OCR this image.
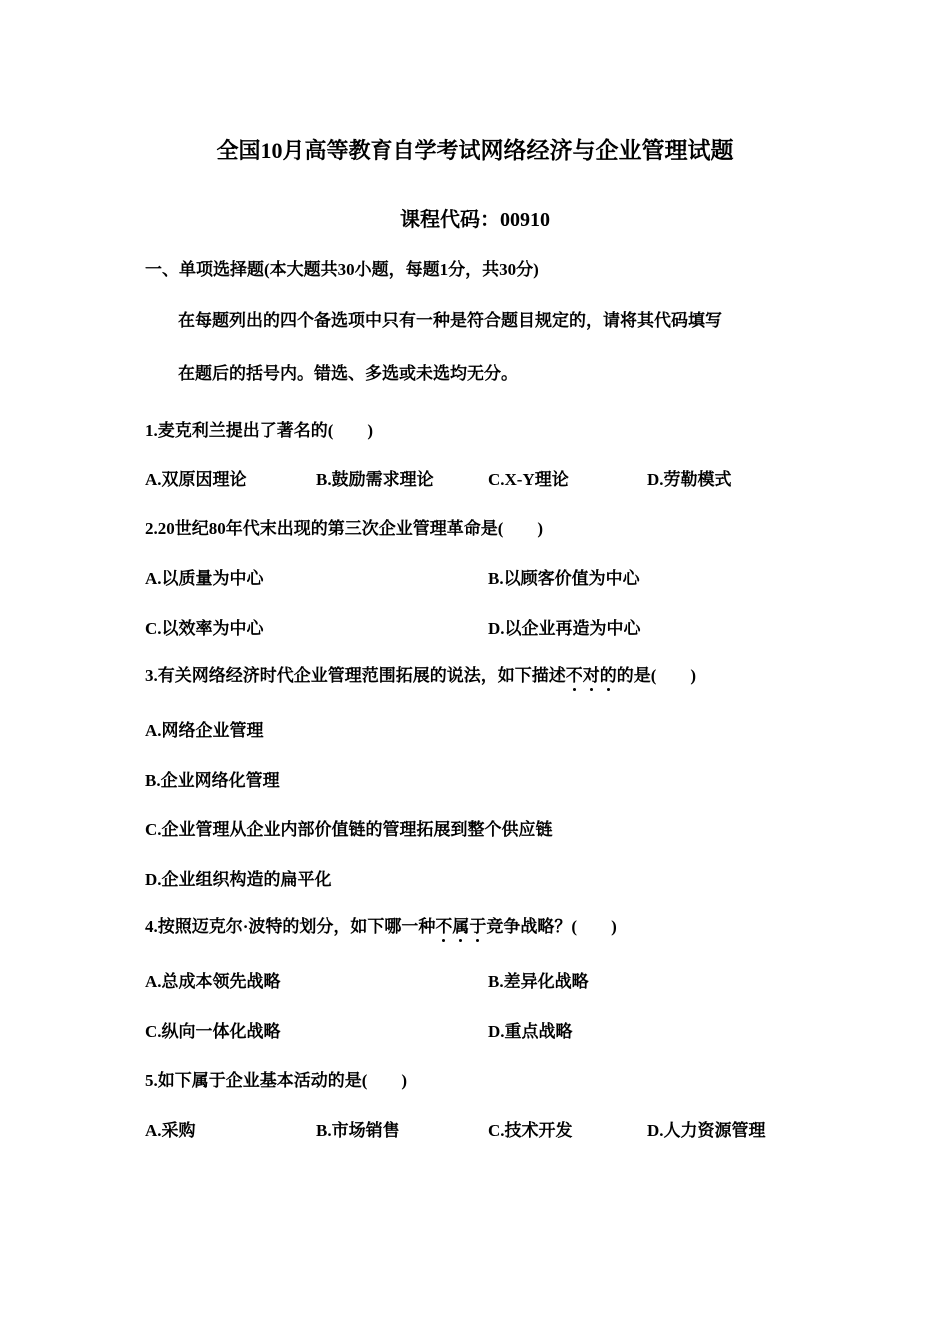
全国10月高等教育自学考试网络经济与企业管理试题
课程代码：00910
一、单项选择题(本大题共30小题，每题1分，共30分)
在每题列出的四个备选项中只有一种是符合题目规定的，请将其代码填写
在题后的括号内。错选、多选或未选均无分。
1.麦克利兰提出了著名的(　　)
A.双原因理论	B.鼓励需求理论	C.X-Y理论	D.劳勒模式
2.20世纪80年代末出现的第三次企业管理革命是(　　)
A.以质量为中心	B.以顾客价值为中心
C.以效率为中心	D.以企业再造为中心
3.有关网络经济时代企业管理范围拓展的说法，如下描述不对的的是(　　)
A.网络企业管理
B.企业网络化管理
C.企业管理从企业内部价值链的管理拓展到整个供应链
D.企业组织构造的扁平化
4.按照迈克尔·波特的划分，如下哪一种不属于竞争战略？(　　)
A.总成本领先战略	B.差异化战略
C.纵向一体化战略	D.重点战略
5.如下属于企业基本活动的是(　　)
A.采购	B.市场销售	C.技术开发	D.人力资源管理
